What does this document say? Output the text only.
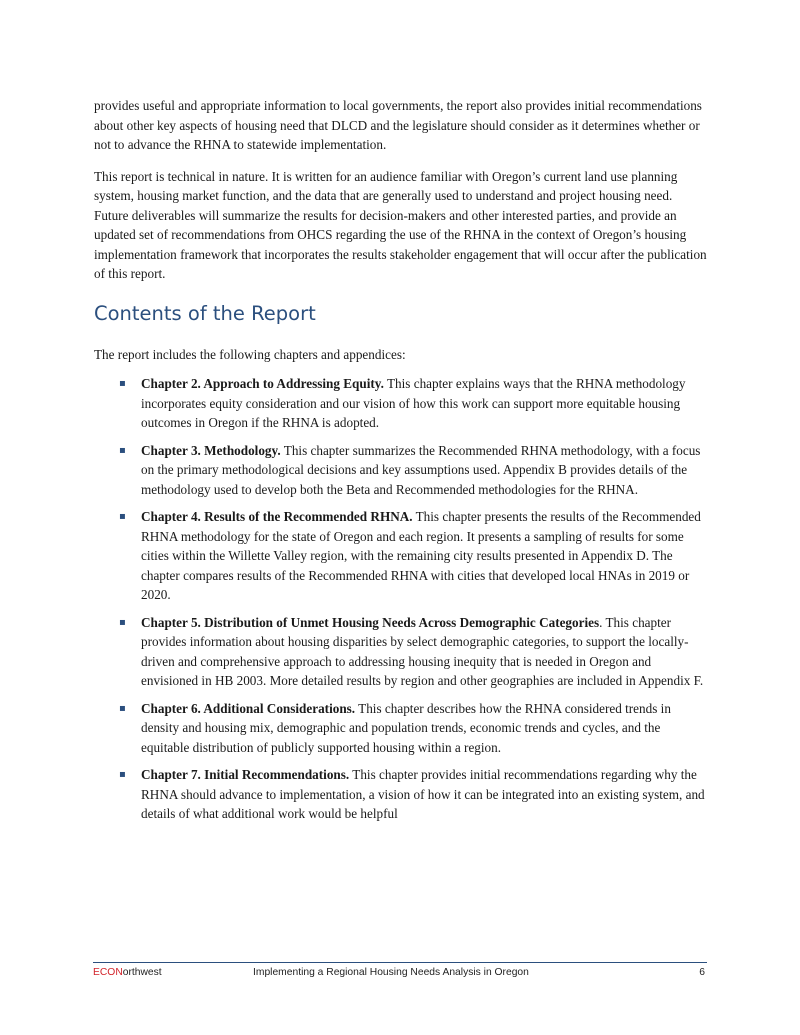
provides useful and appropriate information to local governments, the report also provides initial recommendations about other key aspects of housing need that DLCD and the legislature should consider as it determines whether or not to advance the RHNA to statewide implementation.

This report is technical in nature. It is written for an audience familiar with Oregon’s current land use planning system, housing market function, and the data that are generally used to understand and project housing need. Future deliverables will summarize the results for decision-makers and other interested parties, and provide an updated set of recommendations from OHCS regarding the use of the RHNA in the context of Oregon’s housing implementation framework that incorporates the results stakeholder engagement that will occur after the publication of this report.

Contents of the Report

The report includes the following chapters and appendices:

▪ Chapter 2. Approach to Addressing Equity. This chapter explains ways that the RHNA methodology incorporates equity consideration and our vision of how this work can support more equitable housing outcomes in Oregon if the RHNA is adopted.
▪ Chapter 3. Methodology. This chapter summarizes the Recommended RHNA methodology, with a focus on the primary methodological decisions and key assumptions used. Appendix B provides details of the methodology used to develop both the Beta and Recommended methodologies for the RHNA.
▪ Chapter 4. Results of the Recommended RHNA. This chapter presents the results of the Recommended RHNA methodology for the state of Oregon and each region. It presents a sampling of results for some cities within the Willette Valley region, with the remaining city results presented in Appendix D. The chapter compares results of the Recommended RHNA with cities that developed local HNAs in 2019 or 2020.
▪ Chapter 5. Distribution of Unmet Housing Needs Across Demographic Categories. This chapter provides information about housing disparities by select demographic categories, to support the locally-driven and comprehensive approach to addressing housing inequity that is needed in Oregon and envisioned in HB 2003. More detailed results by region and other geographies are included in Appendix F.
▪ Chapter 6. Additional Considerations. This chapter describes how the RHNA considered trends in density and housing mix, demographic and population trends, economic trends and cycles, and the equitable distribution of publicly supported housing within a region.
▪ Chapter 7. Initial Recommendations. This chapter provides initial recommendations regarding why the RHNA should advance to implementation, a vision of how it can be integrated into an existing system, and details of what additional work would be helpful
ECONorthwest	Implementing a Regional Housing Needs Analysis in Oregon	6
